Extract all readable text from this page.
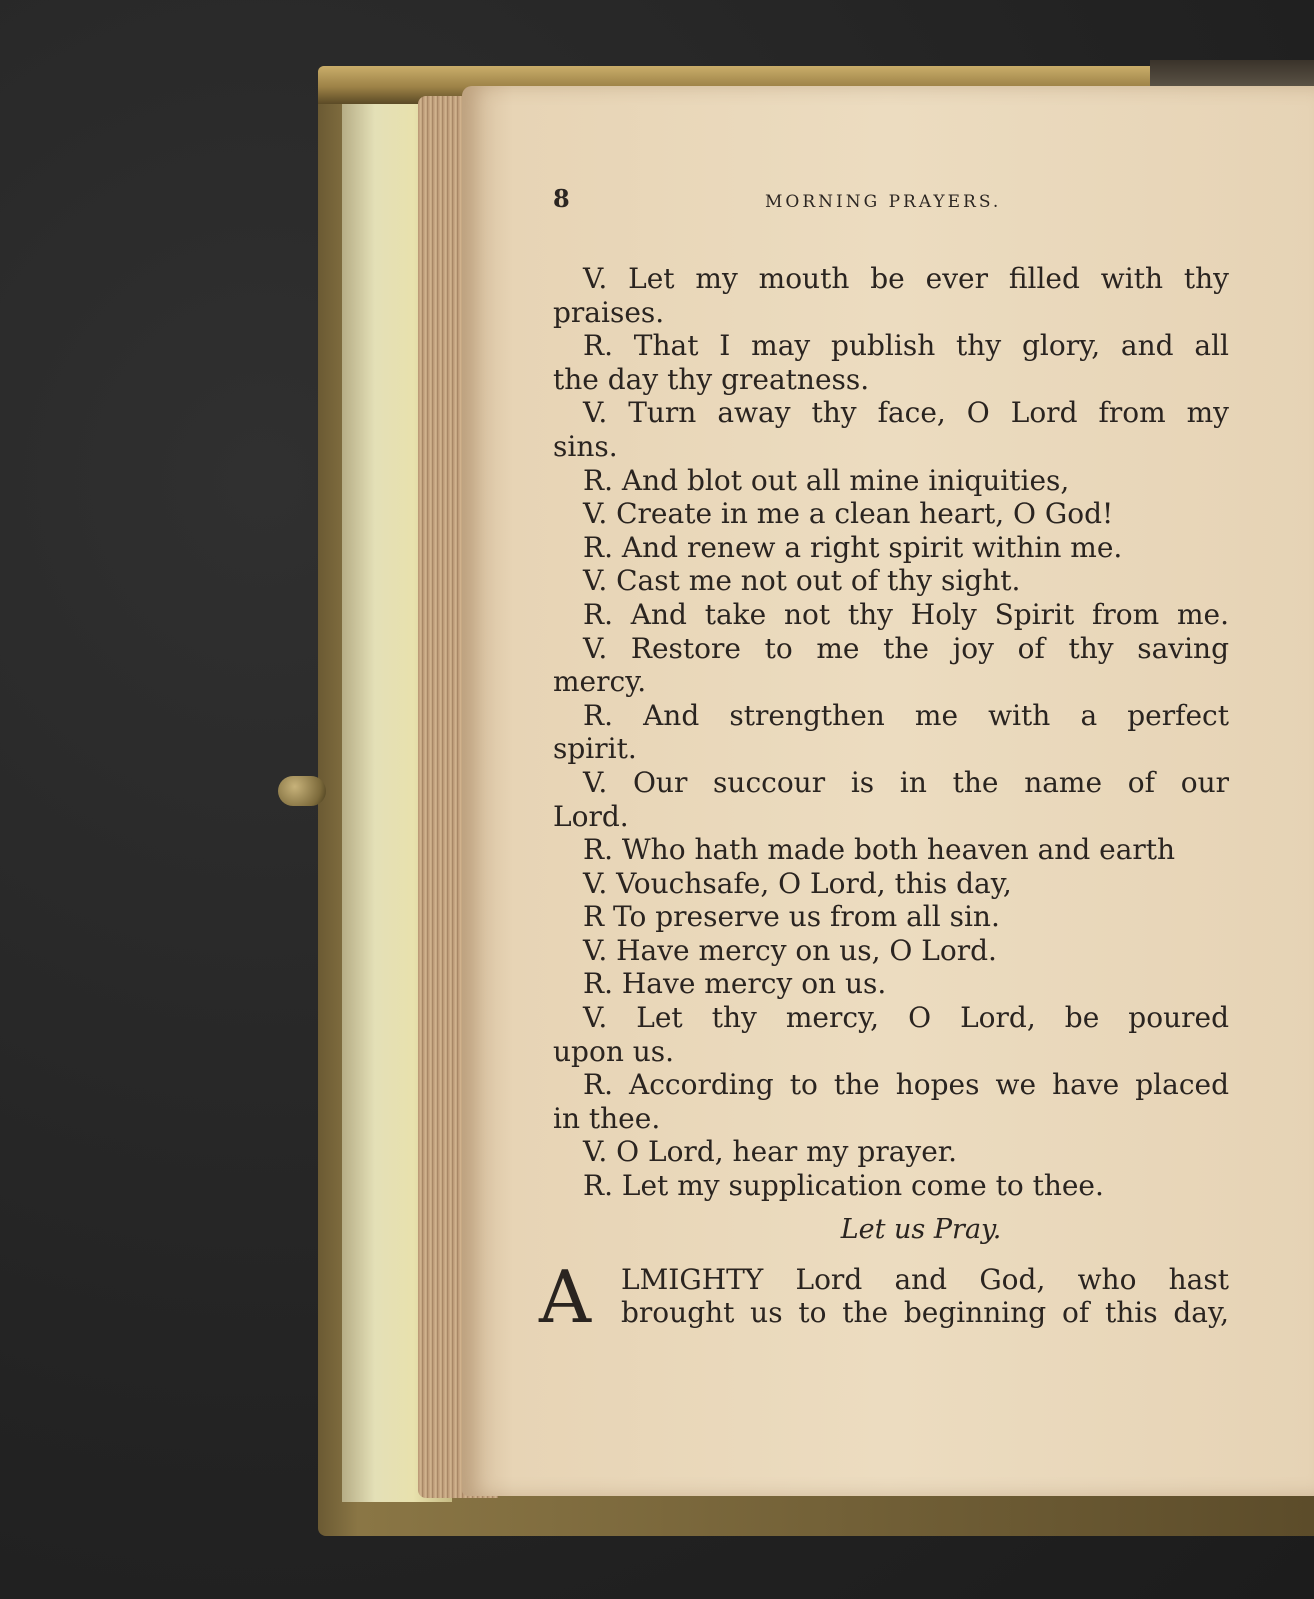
8	MORNING PRAYERS.
V. Let my mouth be ever filled with thy
praises.
R. That I may publish thy glory, and all
the day thy greatness.
V. Turn away thy face, O Lord from my
sins.
R. And blot out all mine iniquities,
V. Create in me a clean heart, O God!
R. And renew a right spirit within me.
V. Cast me not out of thy sight.
R. And take not thy Holy Spirit from me.
V. Restore to me the joy of thy saving
mercy.
R. And strengthen me with a perfect
spirit.
V. Our succour is in the name of our
Lord.
R. Who hath made both heaven and earth
V. Vouchsafe, O Lord, this day,
R To preserve us from all sin.
V. Have mercy on us, O Lord.
R. Have mercy on us.
V. Let thy mercy, O Lord, be poured
upon us.
R. According to the hopes we have placed
in thee.
V. O Lord, hear my prayer.
R. Let my supplication come to thee.
Let us Pray.
A	LMIGHTY Lord and God, who hast
brought us to the beginning of this day,
